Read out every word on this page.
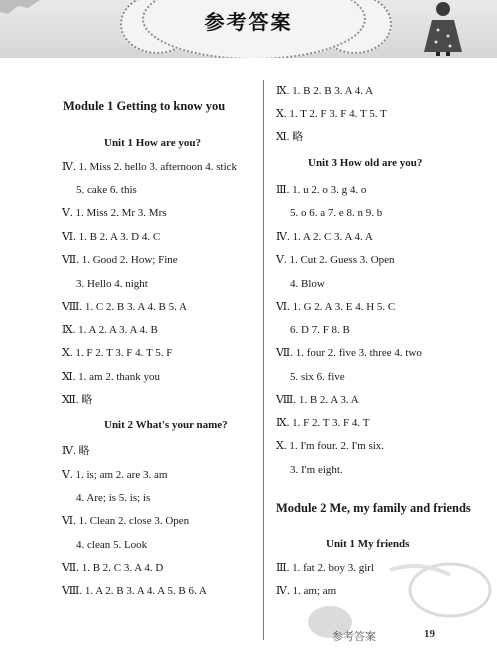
参考答案
Module 1 Getting to know you
Unit 1 How are you?
Ⅳ. 1. Miss 2. hello 3. afternoon 4. stick
5. cake 6. this
Ⅴ. 1. Miss 2. Mr 3. Mrs
Ⅵ. 1. B 2. A 3. D 4. C
Ⅶ. 1. Good 2. How; Fine
3. Hello 4. night
Ⅷ. 1. C 2. B 3. A 4. B 5. A
Ⅸ. 1. A 2. A 3. A 4. B
Ⅹ. 1. F 2. T 3. F 4. T 5. F
Ⅺ. 1. am 2. thank you
Ⅻ. 略
Unit 2 What's your name?
Ⅳ. 略
Ⅴ. 1. is; am 2. are 3. am
4. Are; is 5. is; is
Ⅵ. 1. Clean 2. close 3. Open
4. clean 5. Look
Ⅶ. 1. B 2. C 3. A 4. D
Ⅷ. 1. A 2. B 3. A 4. A 5. B 6. A
Ⅸ. 1. B 2. B 3. A 4. A
Ⅹ. 1. T 2. F 3. F 4. T 5. T
Ⅺ. 略
Unit 3 How old are you?
Ⅲ. 1. u 2. o 3. g 4. o
5. o 6. a 7. e 8. n 9. b
Ⅳ. 1. A 2. C 3. A 4. A
Ⅴ. 1. Cut 2. Guess 3. Open
4. Blow
Ⅵ. 1. G 2. A 3. E 4. H 5. C
6. D 7. F 8. B
Ⅶ. 1. four 2. five 3. three 4. two
5. six 6. five
Ⅷ. 1. B 2. A 3. A
Ⅸ. 1. F 2. T 3. F 4. T
Ⅹ. 1. I'm four. 2. I'm six.
3. I'm eight.
Module 2 Me, my family and friends
Unit 1 My friends
Ⅲ. 1. fat 2. boy 3. girl
Ⅳ. 1. am; am
参考答案	19
